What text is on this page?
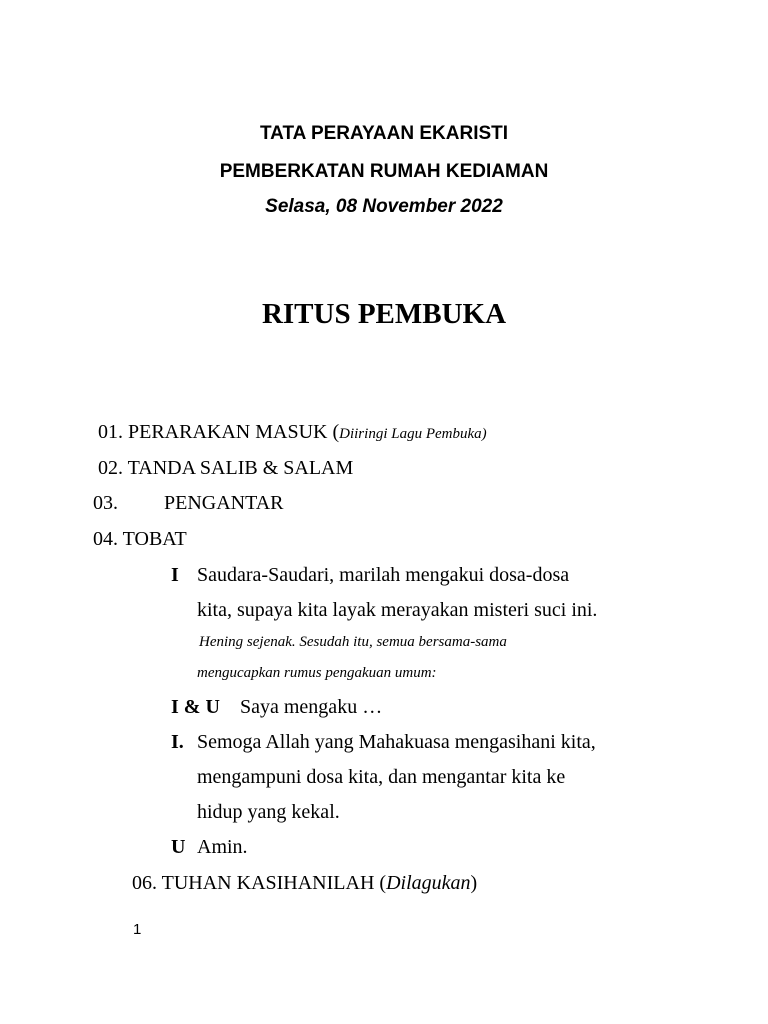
TATA PERAYAAN EKARISTI
PEMBERKATAN RUMAH KEDIAMAN
Selasa, 08 November 2022
RITUS PEMBUKA
01. PERARAKAN MASUK (Diiringi Lagu Pembuka)
02. TANDA SALIB & SALAM
03. PENGANTAR
04. TOBAT
I Saudara-Saudari, marilah mengakui dosa-dosa
kita, supaya kita layak merayakan misteri suci ini.
Hening sejenak. Sesudah itu, semua bersama-sama
mengucapkan rumus pengakuan umum:
I & U Saya mengaku …
I. Semoga Allah yang Mahakuasa mengasihani kita,
mengampuni dosa kita, dan mengantar kita ke
hidup yang kekal.
U Amin.
06. TUHAN KASIHANILAH (Dilagukan)
1
